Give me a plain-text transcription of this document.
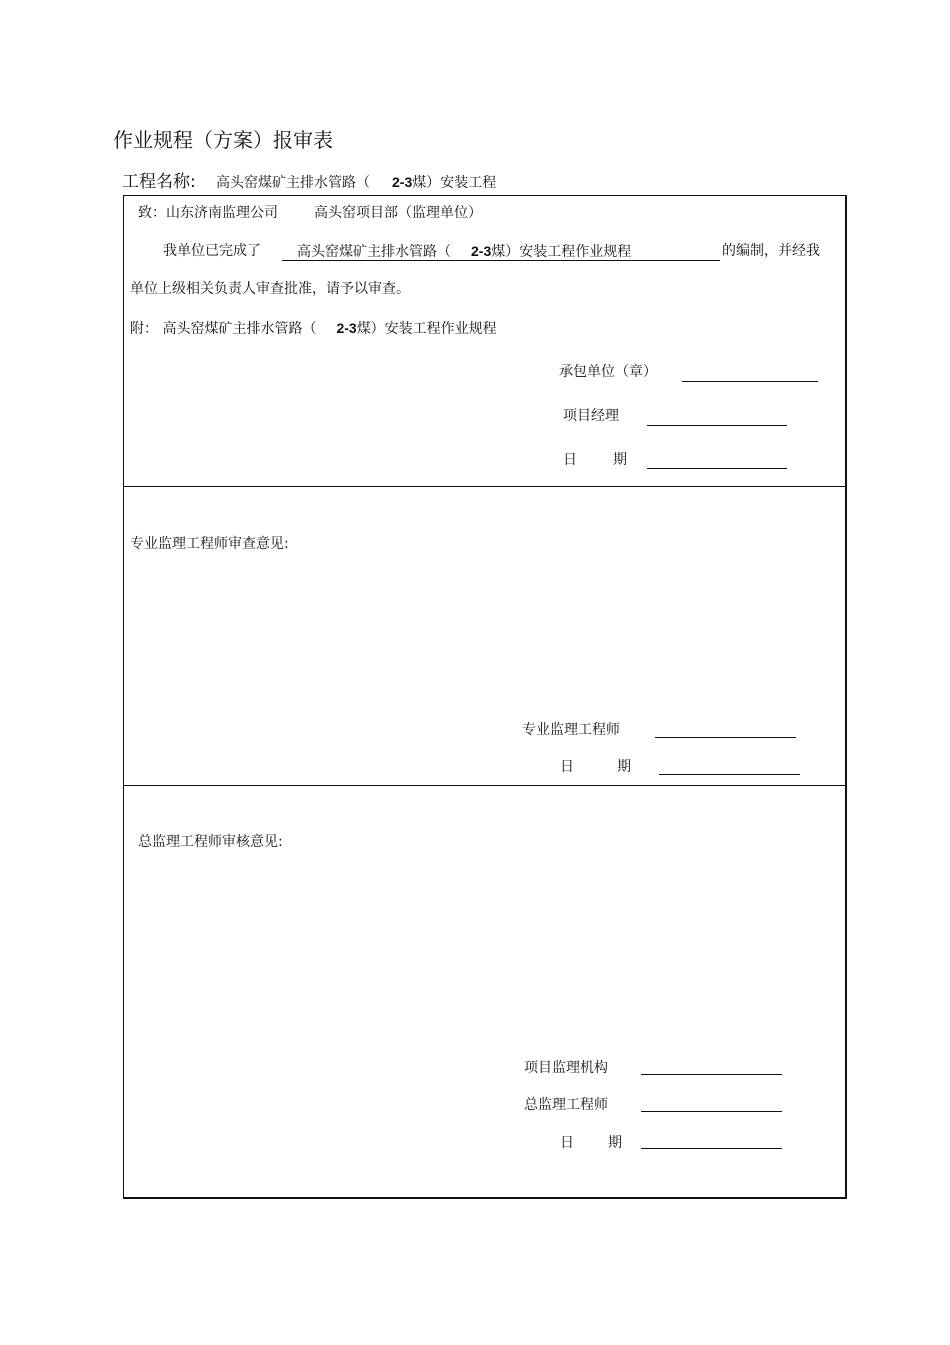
作业规程（方案）报审表
工程名称: 高头窑煤矿主排水管路（ 2-3煤）安装工程
致：山东济南监理公司	高头窑项目部（监理单位）
我单位已完成了	高头窑煤矿主排水管路（ 2-3煤）安装工程作业规程	的编制，并经我
单位上级相关负责人审查批准，请予以审查。
附： 高头窑煤矿主排水管路（ 2-3煤）安装工程作业规程
承包单位（章）
项目经理
日	期
专业监理工程师审查意见:
专业监理工程师
日	期
总监理工程师审核意见:
项目监理机构
总监理工程师
日 期
